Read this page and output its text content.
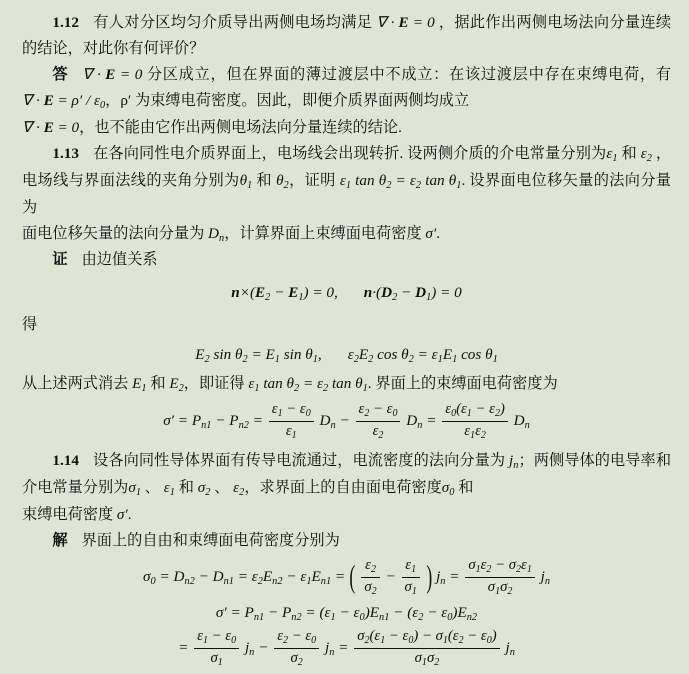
1.12 有人对分区均匀介质导出两侧电场均满足 ∇ · E = 0 ，据此作出两侧电场法向分量连续的结论，对此你有何评价？

答 ∇ · E = 0 分区成立，但在界面的薄过渡层中不成立：在该过渡层中存在束缚电荷，有∇ · $E = \rho' / \varepsilon_0$，ρ′ 为束缚电荷密度。因此，即便介质界面两侧均成立

∇ · E = 0，也不能由它作出两侧电场法向分量连续的结论.

1.13 在各向同性电介质界面上，电场线会出现转折. 设两侧介质的介电常量分别为$\varepsilon_1$ 和 $\varepsilon_2$ ，电场线与界面法线的夹角分别为$\theta_1$ 和 $\theta_2$，证明 $\varepsilon_1$ $\tan \theta_2 = \varepsilon_2$ $\tan \theta_1$. 设界面电位移矢量的法向分量为

面电位移矢量的法向分量为 $D_n$，计算界面上束缚面电荷密度 σ′.

证 由边值关系

$n\times(E_2 - E_1) = 0$, $n\cdot(D_2 - D_1) = 0$

得

$E_2$ $\sin \theta_2 = E_1$ $\sin \theta_1$, $\varepsilon_2E_2$ $\cos \theta_2 = \varepsilon_1E_1$ $\cos \theta_1$

从上述两式消去 $E_1$ 和 $E_2$，即证得 $\varepsilon_1$ $\tan \theta_2 = \varepsilon_2$ $\tan \theta_1$. 界面上的束缚面电荷密度为

$\sigma' = P_{n1} - P_{n2} = \frac{\varepsilon_1 - \varepsilon_0}{\varepsilon_1} D_n - \frac{\varepsilon_2 - \varepsilon_0}{\varepsilon_2} D_n = \frac{\varepsilon_0(\varepsilon_1 - \varepsilon_2)}{\varepsilon_1\varepsilon_2} D_n$

1.14 设各向同性导体界面有传导电流通过，电流密度的法向分量为 $j_n$；两侧导体的电导率和介电常量分别为$\sigma_1$ 、 $\varepsilon_1$ 和 $\sigma_2$ 、 $\varepsilon_2$，求界面上的自由面电荷密度$\sigma_0$ 和

束缚电荷密度 σ′.

解 界面上的自由和束缚面电荷密度分别为

$\sigma_0 = D_{n2} - D_{n1} = \varepsilon_2E_{n2} - \varepsilon_1E_{n1}$ = ( $\frac{\varepsilon_2}{\sigma_2} - \frac{\varepsilon_1}{\sigma_1}$ ) $j_n = \frac{\sigma_1\varepsilon_2 - \sigma_2\varepsilon_1}{\sigma_1\sigma_2} j_n$
$\sigma' = P_{n1} - P_{n2} = (\varepsilon_1 - \varepsilon_0)E_{n1} - (\varepsilon_2 - \varepsilon_0)E_{n2}$
= $\frac{\varepsilon_1 - \varepsilon_0}{\sigma_1} j_n - \frac{\varepsilon_2 - \varepsilon_0}{\sigma_2} j_n = \frac{\sigma_2(\varepsilon_1 - \varepsilon_0) - \sigma_1(\varepsilon_2 - \varepsilon_0)}{\sigma_1\sigma_2} j_n$
